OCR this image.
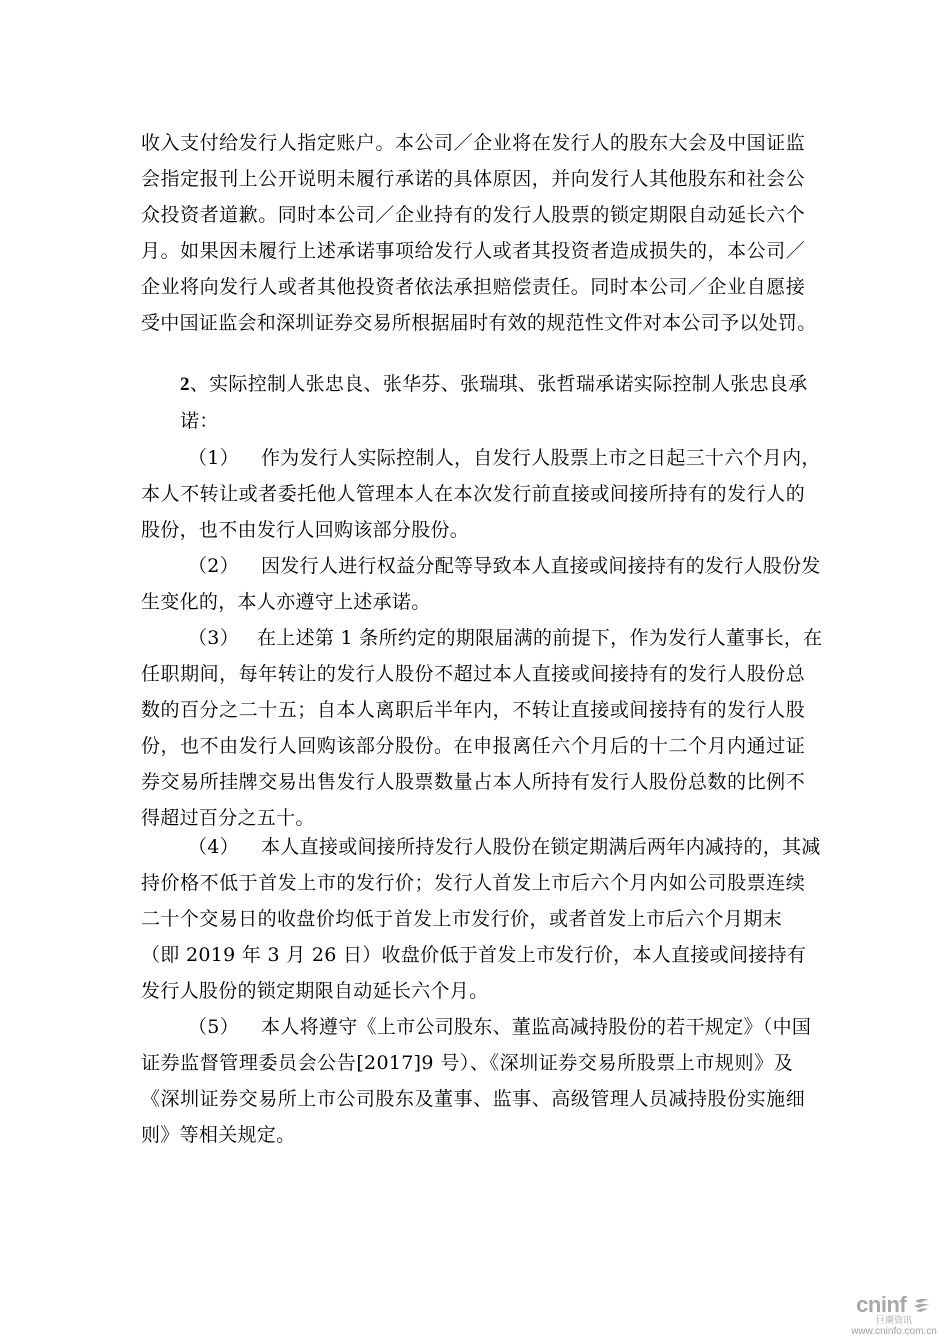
收入支付给发行人指定账户。本公司／企业将在发行人的股东大会及中国证监
会指定报刊上公开说明未履行承诺的具体原因，并向发行人其他股东和社会公
众投资者道歉。同时本公司／企业持有的发行人股票的锁定期限自动延长六个
月。如果因未履行上述承诺事项给发行人或者其投资者造成损失的，本公司／
企业将向发行人或者其他投资者依法承担赔偿责任。同时本公司／企业自愿接
受中国证监会和深圳证券交易所根据届时有效的规范性文件对本公司予以处罚。
2、实际控制人张忠良、张华芬、张瑞琪、张哲瑞承诺实际控制人张忠良承
诺：
（1） 作为发行人实际控制人，自发行人股票上市之日起三十六个月内，
本人不转让或者委托他人管理本人在本次发行前直接或间接所持有的发行人的
股份，也不由发行人回购该部分股份。
（2） 因发行人进行权益分配等导致本人直接或间接持有的发行人股份发
生变化的，本人亦遵守上述承诺。
（3） 在上述第 1 条所约定的期限届满的前提下，作为发行人董事长，在
任职期间，每年转让的发行人股份不超过本人直接或间接持有的发行人股份总
数的百分之二十五；自本人离职后半年内，不转让直接或间接持有的发行人股
份，也不由发行人回购该部分股份。在申报离任六个月后的十二个月内通过证
券交易所挂牌交易出售发行人股票数量占本人所持有发行人股份总数的比例不
得超过百分之五十。
（4） 本人直接或间接所持发行人股份在锁定期满后两年内减持的，其减
持价格不低于首发上市的发行价；发行人首发上市后六个月内如公司股票连续
二十个交易日的收盘价均低于首发上市发行价，或者首发上市后六个月期末
（即 2019 年 3 月 26 日）收盘价低于首发上市发行价，本人直接或间接持有
发行人股份的锁定期限自动延长六个月。
（5） 本人将遵守《上市公司股东、董监高减持股份的若干规定》（中国
证券监督管理委员会公告[2017]9 号）、《深圳证券交易所股票上市规则》及
《深圳证券交易所上市公司股东及董事、监事、高级管理人员减持股份实施细
则》等相关规定。
cninf
巨潮资讯
www.cninfo.com.cn
